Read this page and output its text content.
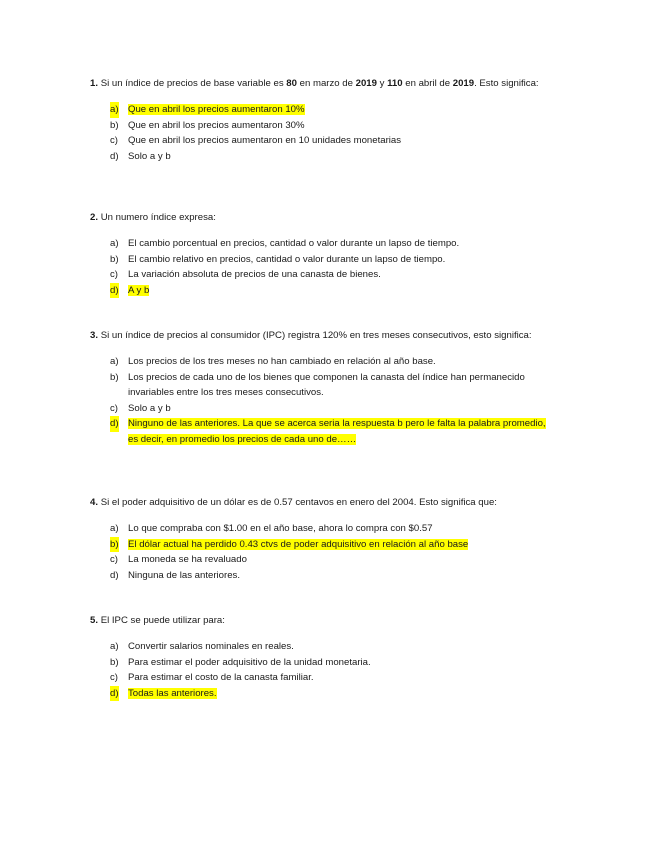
1. Si un índice de precios de base variable es 80 en marzo de 2019 y 110 en abril de 2019. Esto significa:

a) Que en abril los precios aumentaron 10%
b) Que en abril los precios aumentaron 30%
c) Que en abril los precios aumentaron en 10 unidades monetarias
d) Solo a y b

2. Un numero índice expresa:

a) El cambio porcentual en precios, cantidad o valor durante un lapso de tiempo.
b) El cambio relativo en precios, cantidad o valor durante un lapso de tiempo.
c) La variación absoluta de precios de una canasta de bienes.
d) A y b

3. Si un índice de precios al consumidor (IPC) registra 120% en tres meses consecutivos, esto significa:

a) Los precios de los tres meses no han cambiado en relación al año base.
b) Los precios de cada uno de los bienes que componen la canasta del índice han permanecido invariables entre los tres meses consecutivos.
c) Solo a y b
d) Ninguno de las anteriores. La que se acerca seria la respuesta b pero le falta la palabra promedio, es decir, en promedio los precios de cada uno de……

4. Si el poder adquisitivo de un dólar es de 0.57 centavos en enero del 2004. Esto significa que:

a) Lo que compraba con $1.00 en el año base, ahora lo compra con $0.57
b) El dólar actual ha perdido 0.43 ctvs de poder adquisitivo en relación al año base
c) La moneda se ha revaluado
d) Ninguna de las anteriores.

5. El IPC se puede utilizar para:

a) Convertir salarios nominales en reales.
b) Para estimar el poder adquisitivo de la unidad monetaria.
c) Para estimar el costo de la canasta familiar.
d) Todas las anteriores.
